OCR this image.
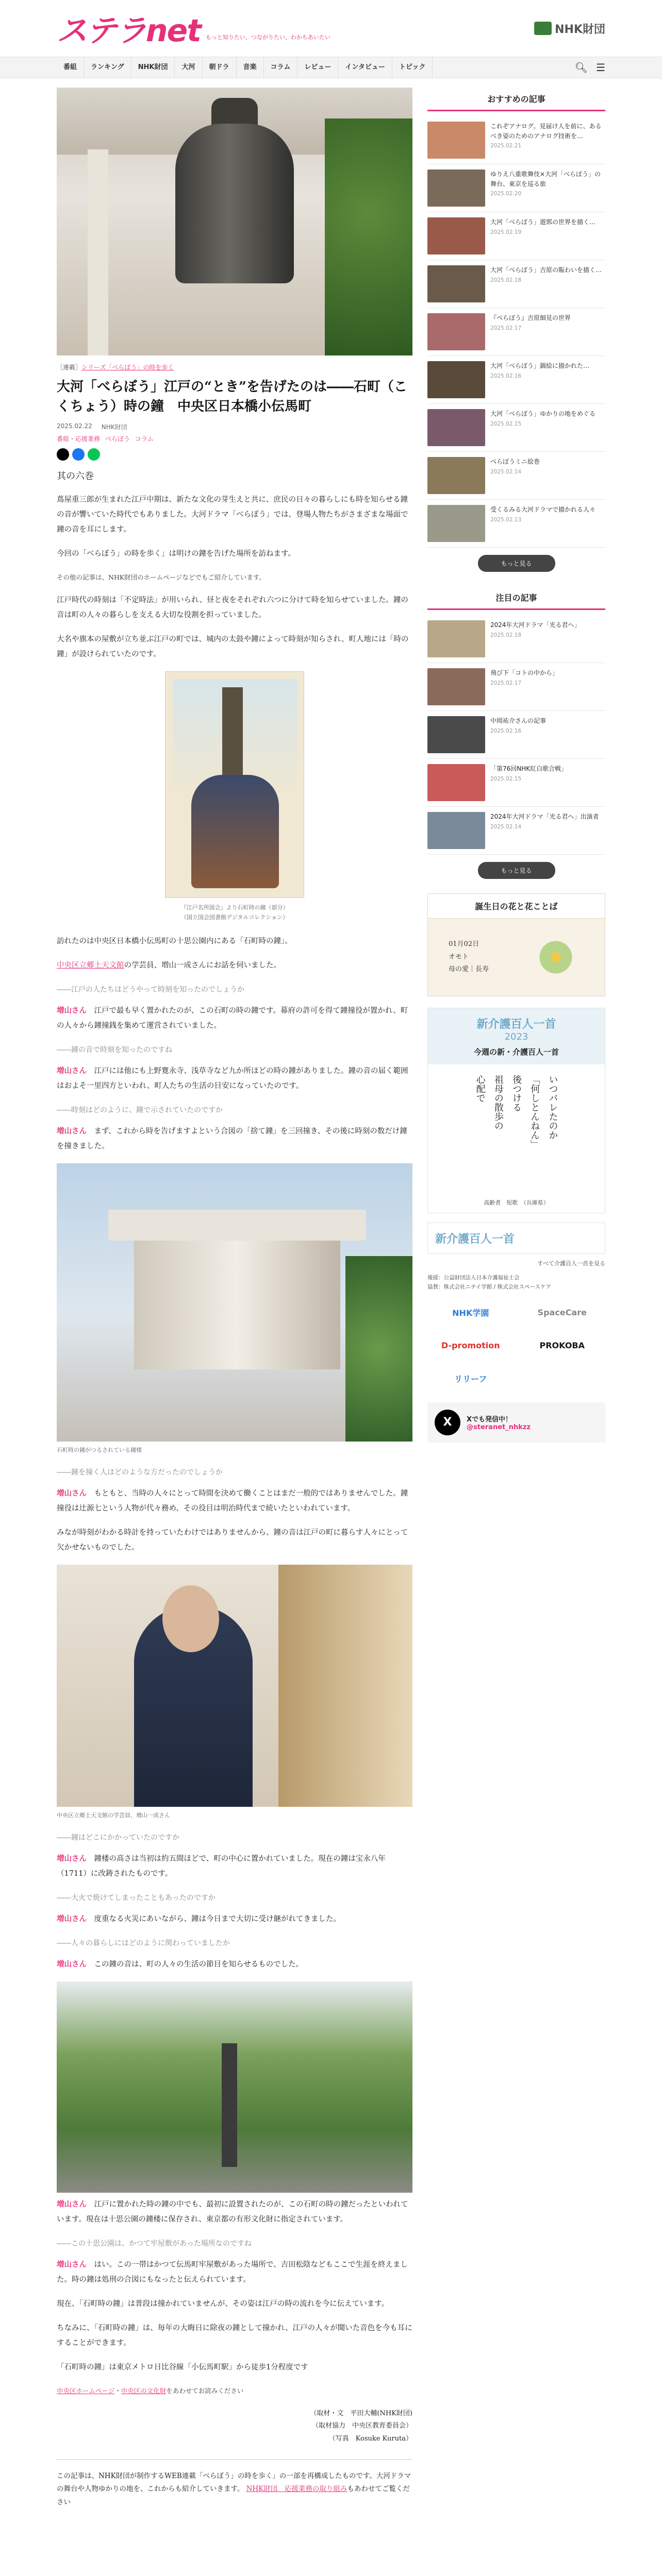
ステラnet もっと知りたい、つながりたい、わかちあいたい
NHK財団
番組	ランキング	NHK財団	大河	朝ドラ	音楽	コラム	レビュー	インタビュー	トピック	🔍︎ ☰
［連載］シリーズ「べらぼう」の時を歩く
大河「べらぼう」江戸の“とき”を告げたのは――石町（こくちょう）時の鐘　中央区日本橋小伝馬町
2025.02.22 NHK財団
番組・応援業務 べらぼう コラム
其の六巻

蔦屋重三郎が生まれた江戸中期は、新たな文化の芽生えと共に、庶民の日々の暮らしにも時を知らせる鐘の音が響いていた時代でもありました。大河ドラマ「べらぼう」では、登場人物たちがさまざまな場面で鐘の音を耳にします。

今回の「べらぼう」の時を歩く」は明けの鐘を告げた場所を訪ねます。

その他の記事は、NHK財団のホームページなどでもご紹介しています。

江戸時代の時刻は「不定時法」が用いられ、昼と夜をそれぞれ六つに分けて時を知らせていました。鐘の音は町の人々の暮らしを支える大切な役割を担っていました。

大名や旗本の屋敷が立ち並ぶ江戸の町では、城内の太鼓や鐘によって時刻が知らされ、町人地には「時の鐘」が設けられていたのです。

『江戸名所図会』より石町時の鐘（部分）
（国立国会図書館デジタルコレクション）

訪れたのは中央区日本橋小伝馬町の十思公園内にある「石町時の鐘」。

中央区立郷土天文館の学芸員、増山一成さんにお話を伺いました。

――江戸の人たちはどうやって時刻を知ったのでしょうか

増山さん　 江戸で最も早く置かれたのが、この石町の時の鐘です。幕府の許可を得て鐘撞役が置かれ、町の人々から鐘撞銭を集めて運営されていました。

――鐘の音で時刻を知ったのですね

増山さん　 江戸には他にも上野寛永寺、浅草寺など九か所ほどの時の鐘がありました。鐘の音の届く範囲はおよそ一里四方といわれ、町人たちの生活の目安になっていたのです。

――時刻はどのように、鐘で示されていたのですか

増山さん　 まず、これから時を告げますよという合図の「捨て鐘」を三回撞き、その後に時刻の数だけ鐘を撞きました。

石町時の鐘がつるされている鐘楼

――鐘を撞く人はどのような方だったのでしょうか

増山さん　 もともと、当時の人々にとって時間を決めて働くことはまだ一般的ではありませんでした。鐘撞役は辻源七という人物が代々務め、その役目は明治時代まで続いたといわれています。

みなが時刻がわかる時計を持っていたわけではありませんから、鐘の音は江戸の町に暮らす人々にとって欠かせないものでした。

中央区立郷土天文館の学芸員、増山一成さん

――鐘はどこにかかっていたのですか

増山さん　 鐘楼の高さは当初は約五間ほどで、町の中心に置かれていました。現在の鐘は宝永八年（1711）に改鋳されたものです。

――大火で焼けてしまったこともあったのですか

増山さん　 度重なる火災にあいながら、鐘は今日まで大切に受け継がれてきました。

――人々の暮らしにはどのように関わっていましたか

増山さん　 この鐘の音は、町の人々の生活の節目を知らせるものでした。

増山さん　 江戸に置かれた時の鐘の中でも、最初に設置されたのが、この石町の時の鐘だったといわれています。現在は十思公園の鐘楼に保存され、東京都の有形文化財に指定されています。

――この十思公園は、かつて牢屋敷があった場所なのですね

増山さん　 はい。この一帯はかつて伝馬町牢屋敷があった場所で、吉田松陰などもここで生涯を終えました。時の鐘は処刑の合図にもなったと伝えられています。

現在、「石町時の鐘」は普段は撞かれていませんが、その姿は江戸の時の流れを今に伝えています。

ちなみに、「石町時の鐘」は、毎年の大晦日に除夜の鐘として撞かれ、江戸の人々が聞いた音色を今も耳にすることができます。

「石町時の鐘」は東京メトロ日比谷線「小伝馬町駅」から徒歩1分程度です

中央区ホームページ・中央区の文化財をあわせてお読みください

（取材・文　平田大輔(NHK財団)
（取材協力　中央区教育委員会）
（写真　Kosuke Kuruta）
この記事は、NHK財団が制作するWEB連載「べらぼう」の時を歩く」の一部を再構成したものです。大河ドラマの舞台や人物ゆかりの地を、これからも紹介していきます。 NHK財団　応援業務の取り組みもあわせてご覧ください
おすすめの記事
これぞアナログ。見届け人を前に、あるべき姿のためのアナログ技術を…
2025.02.21
ゆりえ八重歌舞伎×大河「べらぼう」の舞台、東京を巡る旅
2025.02.20
大河「べらぼう」遊郭の世界を描く…
2025.02.19
大河「べらぼう」吉原の賑わいを描く…
2025.02.18
『べらぼう』吉原細見の世界
2025.02.17
大河「べらぼう」錦絵に描かれた…
2025.02.16
大河「べらぼう」ゆかりの地をめぐる
2025.02.15
べらぼうミニ絵巻
2025.02.14
受くるみる大河ドラマで描かれる人々
2025.02.13
もっと見る
注目の記事
2024年大河ドラマ「光る君へ」
2025.02.18
飛び下「コトの中から」
2025.02.17
中岡祐介さんの記事
2025.02.16
「第76回NHK紅白歌合戦」
2025.02.15
2024年大河ドラマ「光る君へ」出演者
2025.02.14
もっと見る
誕生日の花と花ことば
01月02日
オモト
母の愛｜長寿
新介護百人一首
2023
今週の新・介護百人一首
心配で 祖母の散歩の 後つける 「何しとんねん」 いつバレたのか
高齢者　短歌　（兵庫県）
新介護百人一首
すべて介護百人一首を見る
後援：公益財団法人日本介護福祉士会
協賛：株式会社ニチイ学館 / 株式会社スペースケア
NHK学園	SpaceCare
D-promotion	PROKOBA
リリーフ
X	Xでも発信中！
@steranet_nhkzz
